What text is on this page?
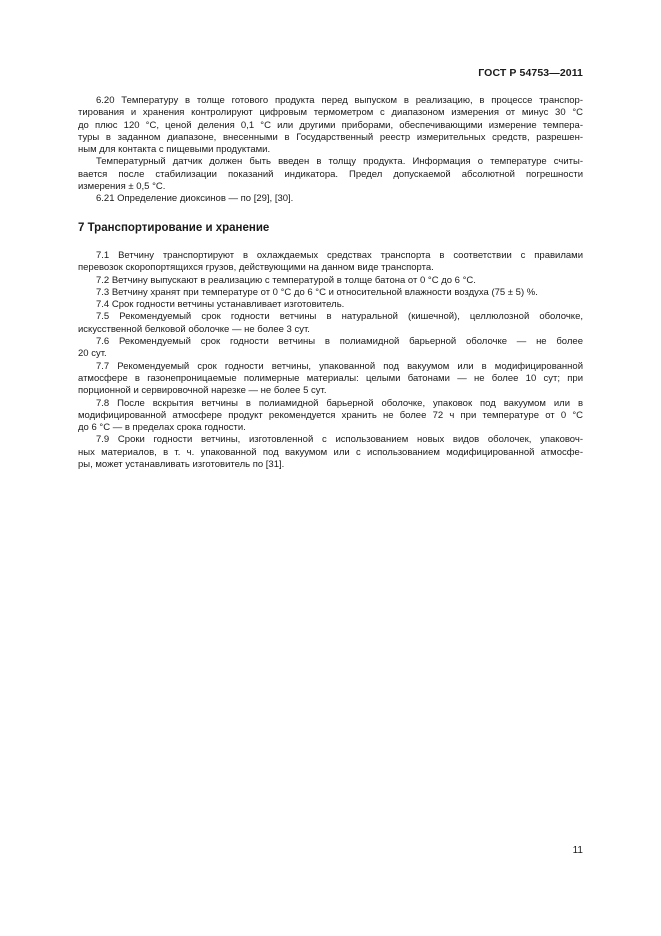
ГОСТ Р 54753—2011
6.20 Температуру в толще готового продукта перед выпуском в реализацию, в процессе транспор-
тирования и хранения контролируют цифровым термометром с диапазоном измерения от минус 30 °С
до плюс 120 °С, ценой деления 0,1 °С или другими приборами, обеспечивающими измерение темпера-
туры в заданном диапазоне, внесенными в Государственный реестр измерительных средств, разрешен-
ным для контакта с пищевыми продуктами.
Температурный датчик должен быть введен в толщу продукта. Информация о температуре считы-
вается после стабилизации показаний индикатора. Предел допускаемой абсолютной погрешности
измерения ± 0,5 °С.
6.21 Определение диоксинов — по [29], [30].
7 Транспортирование и хранение
7.1 Ветчину транспортируют в охлаждаемых средствах транспорта в соответствии с правилами
перевозок скоропортящихся грузов, действующими на данном виде транспорта.
7.2 Ветчину выпускают в реализацию с температурой в толще батона от 0 °С до 6 °С.
7.3 Ветчину хранят при температуре от 0 °С до 6 °С и относительной влажности воздуха (75 ± 5) %.
7.4 Срок годности ветчины устанавливает изготовитель.
7.5 Рекомендуемый срок годности ветчины в натуральной (кишечной), целлюлозной оболочке,
искусственной белковой оболочке — не более 3 сут.
7.6 Рекомендуемый срок годности ветчины в полиамидной барьерной оболочке — не более
20 сут.
7.7 Рекомендуемый срок годности ветчины, упакованной под вакуумом или в модифицированной
атмосфере в газонепроницаемые полимерные материалы: целыми батонами — не более 10 сут; при
порционной и сервировочной нарезке — не более 5 сут.
7.8 После вскрытия ветчины в полиамидной барьерной оболочке, упаковок под вакуумом или в
модифицированной атмосфере продукт рекомендуется хранить не более 72 ч при температуре от 0 °С
до 6 °С — в пределах срока годности.
7.9 Сроки годности ветчины, изготовленной с использованием новых видов оболочек, упаковоч-
ных материалов, в т. ч. упакованной под вакуумом или с использованием модифицированной атмосфе-
ры, может устанавливать изготовитель по [31].
11
